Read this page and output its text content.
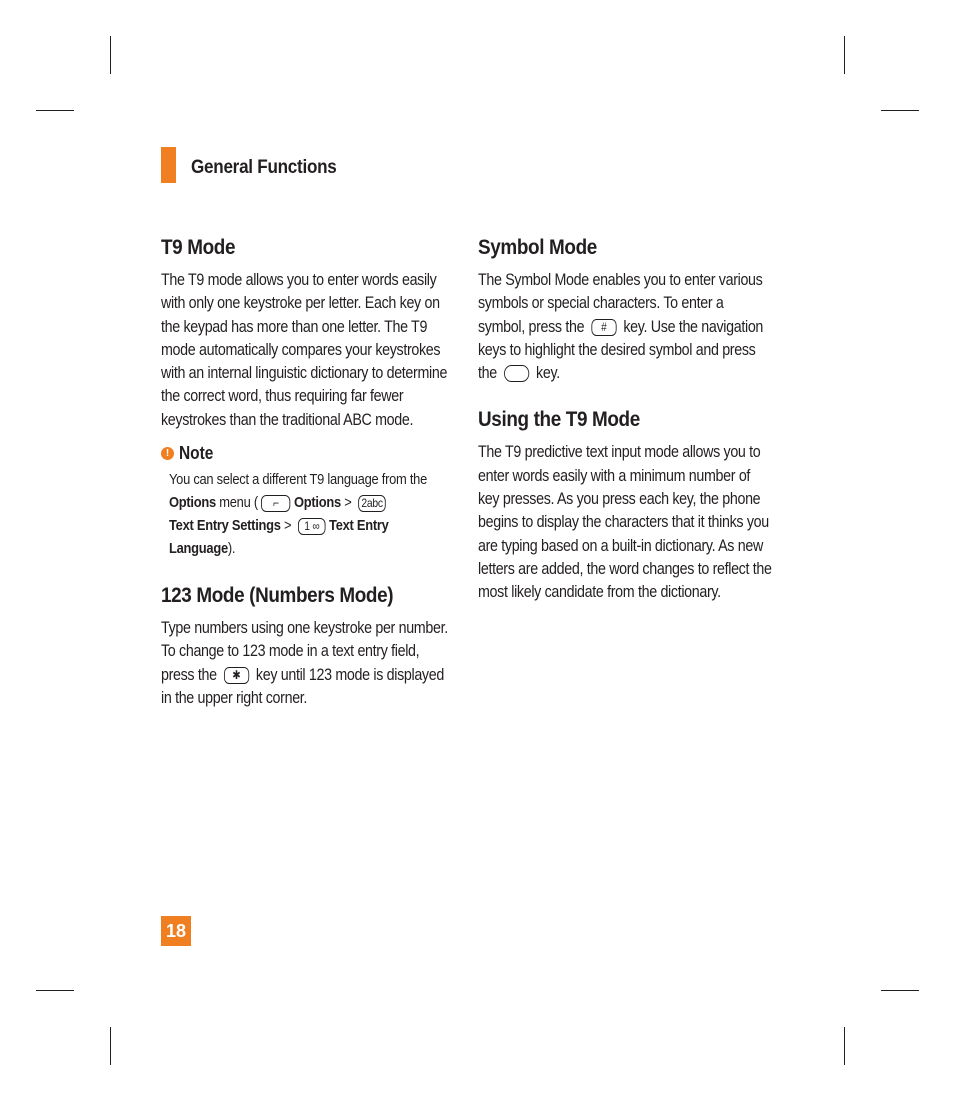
General Functions
T9 Mode

The T9 mode allows you to enter words easily with only one keystroke per letter. Each key on the keypad has more than one letter. The T9 mode automatically compares your keystrokes with an internal linguistic dictionary to determine the correct word, thus requiring far fewer keystrokes than the traditional ABC mode.

! Note
You can select a different T9 language from the Options menu ( ⌐ Options > 2abc
Text Entry Settings > 1 ∞ Text Entry Language).
123 Mode (Numbers Mode)

Type numbers using one keystroke per number. To change to 123 mode in a text entry field, press the ✱ key until 123 mode is displayed in the upper right corner.

Symbol Mode

The Symbol Mode enables you to enter various symbols or special characters. To enter a symbol, press the # key. Use the navigation keys to highlight the desired symbol and press the  key.

Using the T9 Mode

The T9 predictive text input mode allows you to enter words easily with a minimum number of key presses. As you press each key, the phone begins to display the characters that it thinks you are typing based on a built-in dictionary. As new letters are added, the word changes to reflect the most likely candidate from the dictionary.

18
